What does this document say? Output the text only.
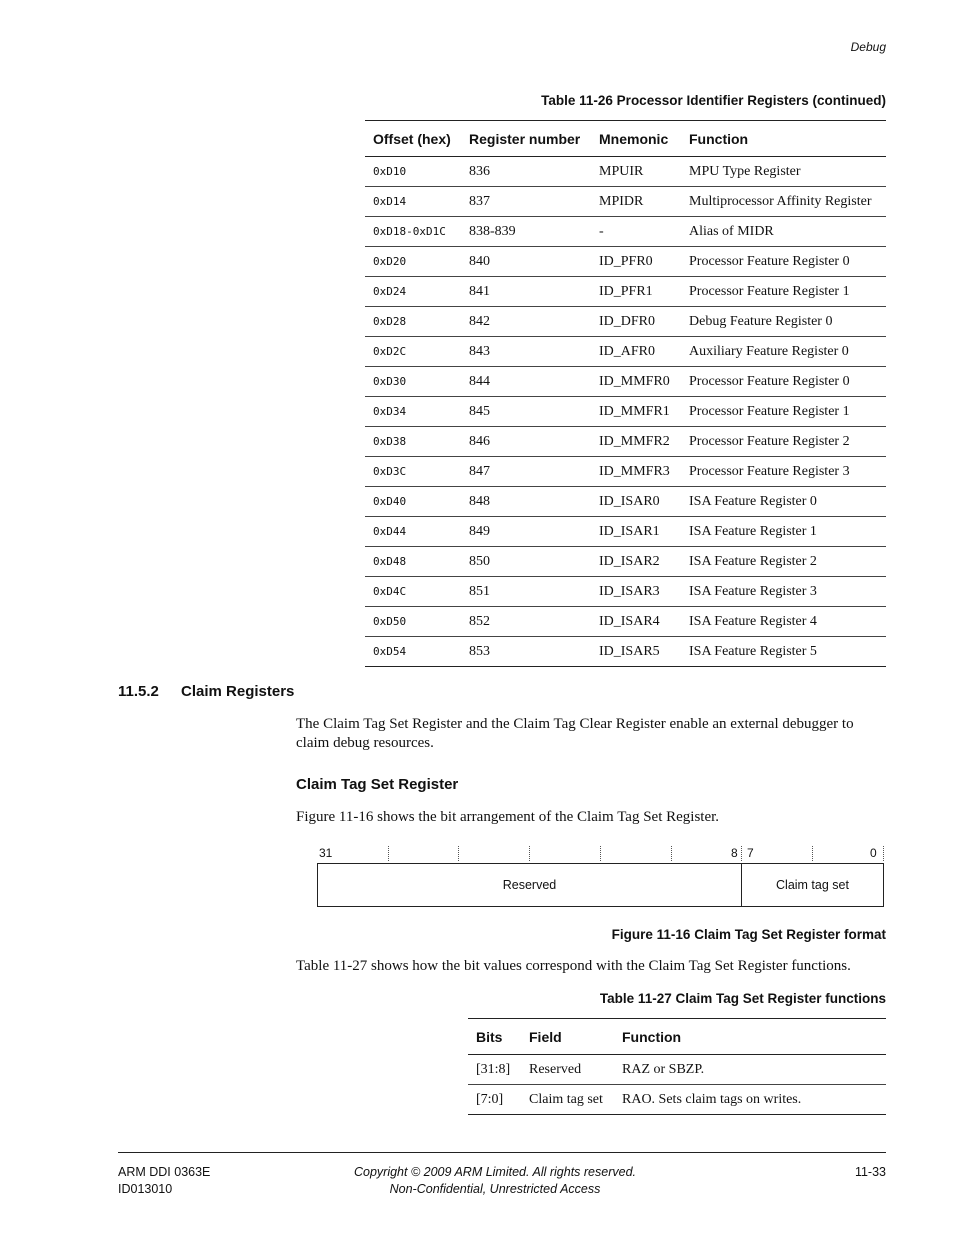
Debug
Table 11-26 Processor Identifier Registers (continued)
Offset (hex)	Register number	Mnemonic	Function
0xD10	836	MPUIR	MPU Type Register
0xD14	837	MPIDR	Multiprocessor Affinity Register
0xD18-0xD1C	838-839	-	Alias of MIDR
0xD20	840	ID_PFR0	Processor Feature Register 0
0xD24	841	ID_PFR1	Processor Feature Register 1
0xD28	842	ID_DFR0	Debug Feature Register 0
0xD2C	843	ID_AFR0	Auxiliary Feature Register 0
0xD30	844	ID_MMFR0	Processor Feature Register 0
0xD34	845	ID_MMFR1	Processor Feature Register 1
0xD38	846	ID_MMFR2	Processor Feature Register 2
0xD3C	847	ID_MMFR3	Processor Feature Register 3
0xD40	848	ID_ISAR0	ISA Feature Register 0
0xD44	849	ID_ISAR1	ISA Feature Register 1
0xD48	850	ID_ISAR2	ISA Feature Register 2
0xD4C	851	ID_ISAR3	ISA Feature Register 3
0xD50	852	ID_ISAR4	ISA Feature Register 4
0xD54	853	ID_ISAR5	ISA Feature Register 5
11.5.2 Claim Registers
The Claim Tag Set Register and the Claim Tag Clear Register enable an external debugger to claim debug resources.
Claim Tag Set Register
Figure 11-16 shows the bit arrangement of the Claim Tag Set Register.
31	8 7	0
Reserved	Claim tag set
Figure 11-16 Claim Tag Set Register format
Table 11-27 shows how the bit values correspond with the Claim Tag Set Register functions.
Table 11-27 Claim Tag Set Register functions
Bits	Field	Function
[31:8]	Reserved	RAZ or SBZP.
[7:0]	Claim tag set	RAO. Sets claim tags on writes.
ARM DDI 0363E
ID013010
Copyright © 2009 ARM Limited. All rights reserved.
Non-Confidential, Unrestricted Access
11-33
